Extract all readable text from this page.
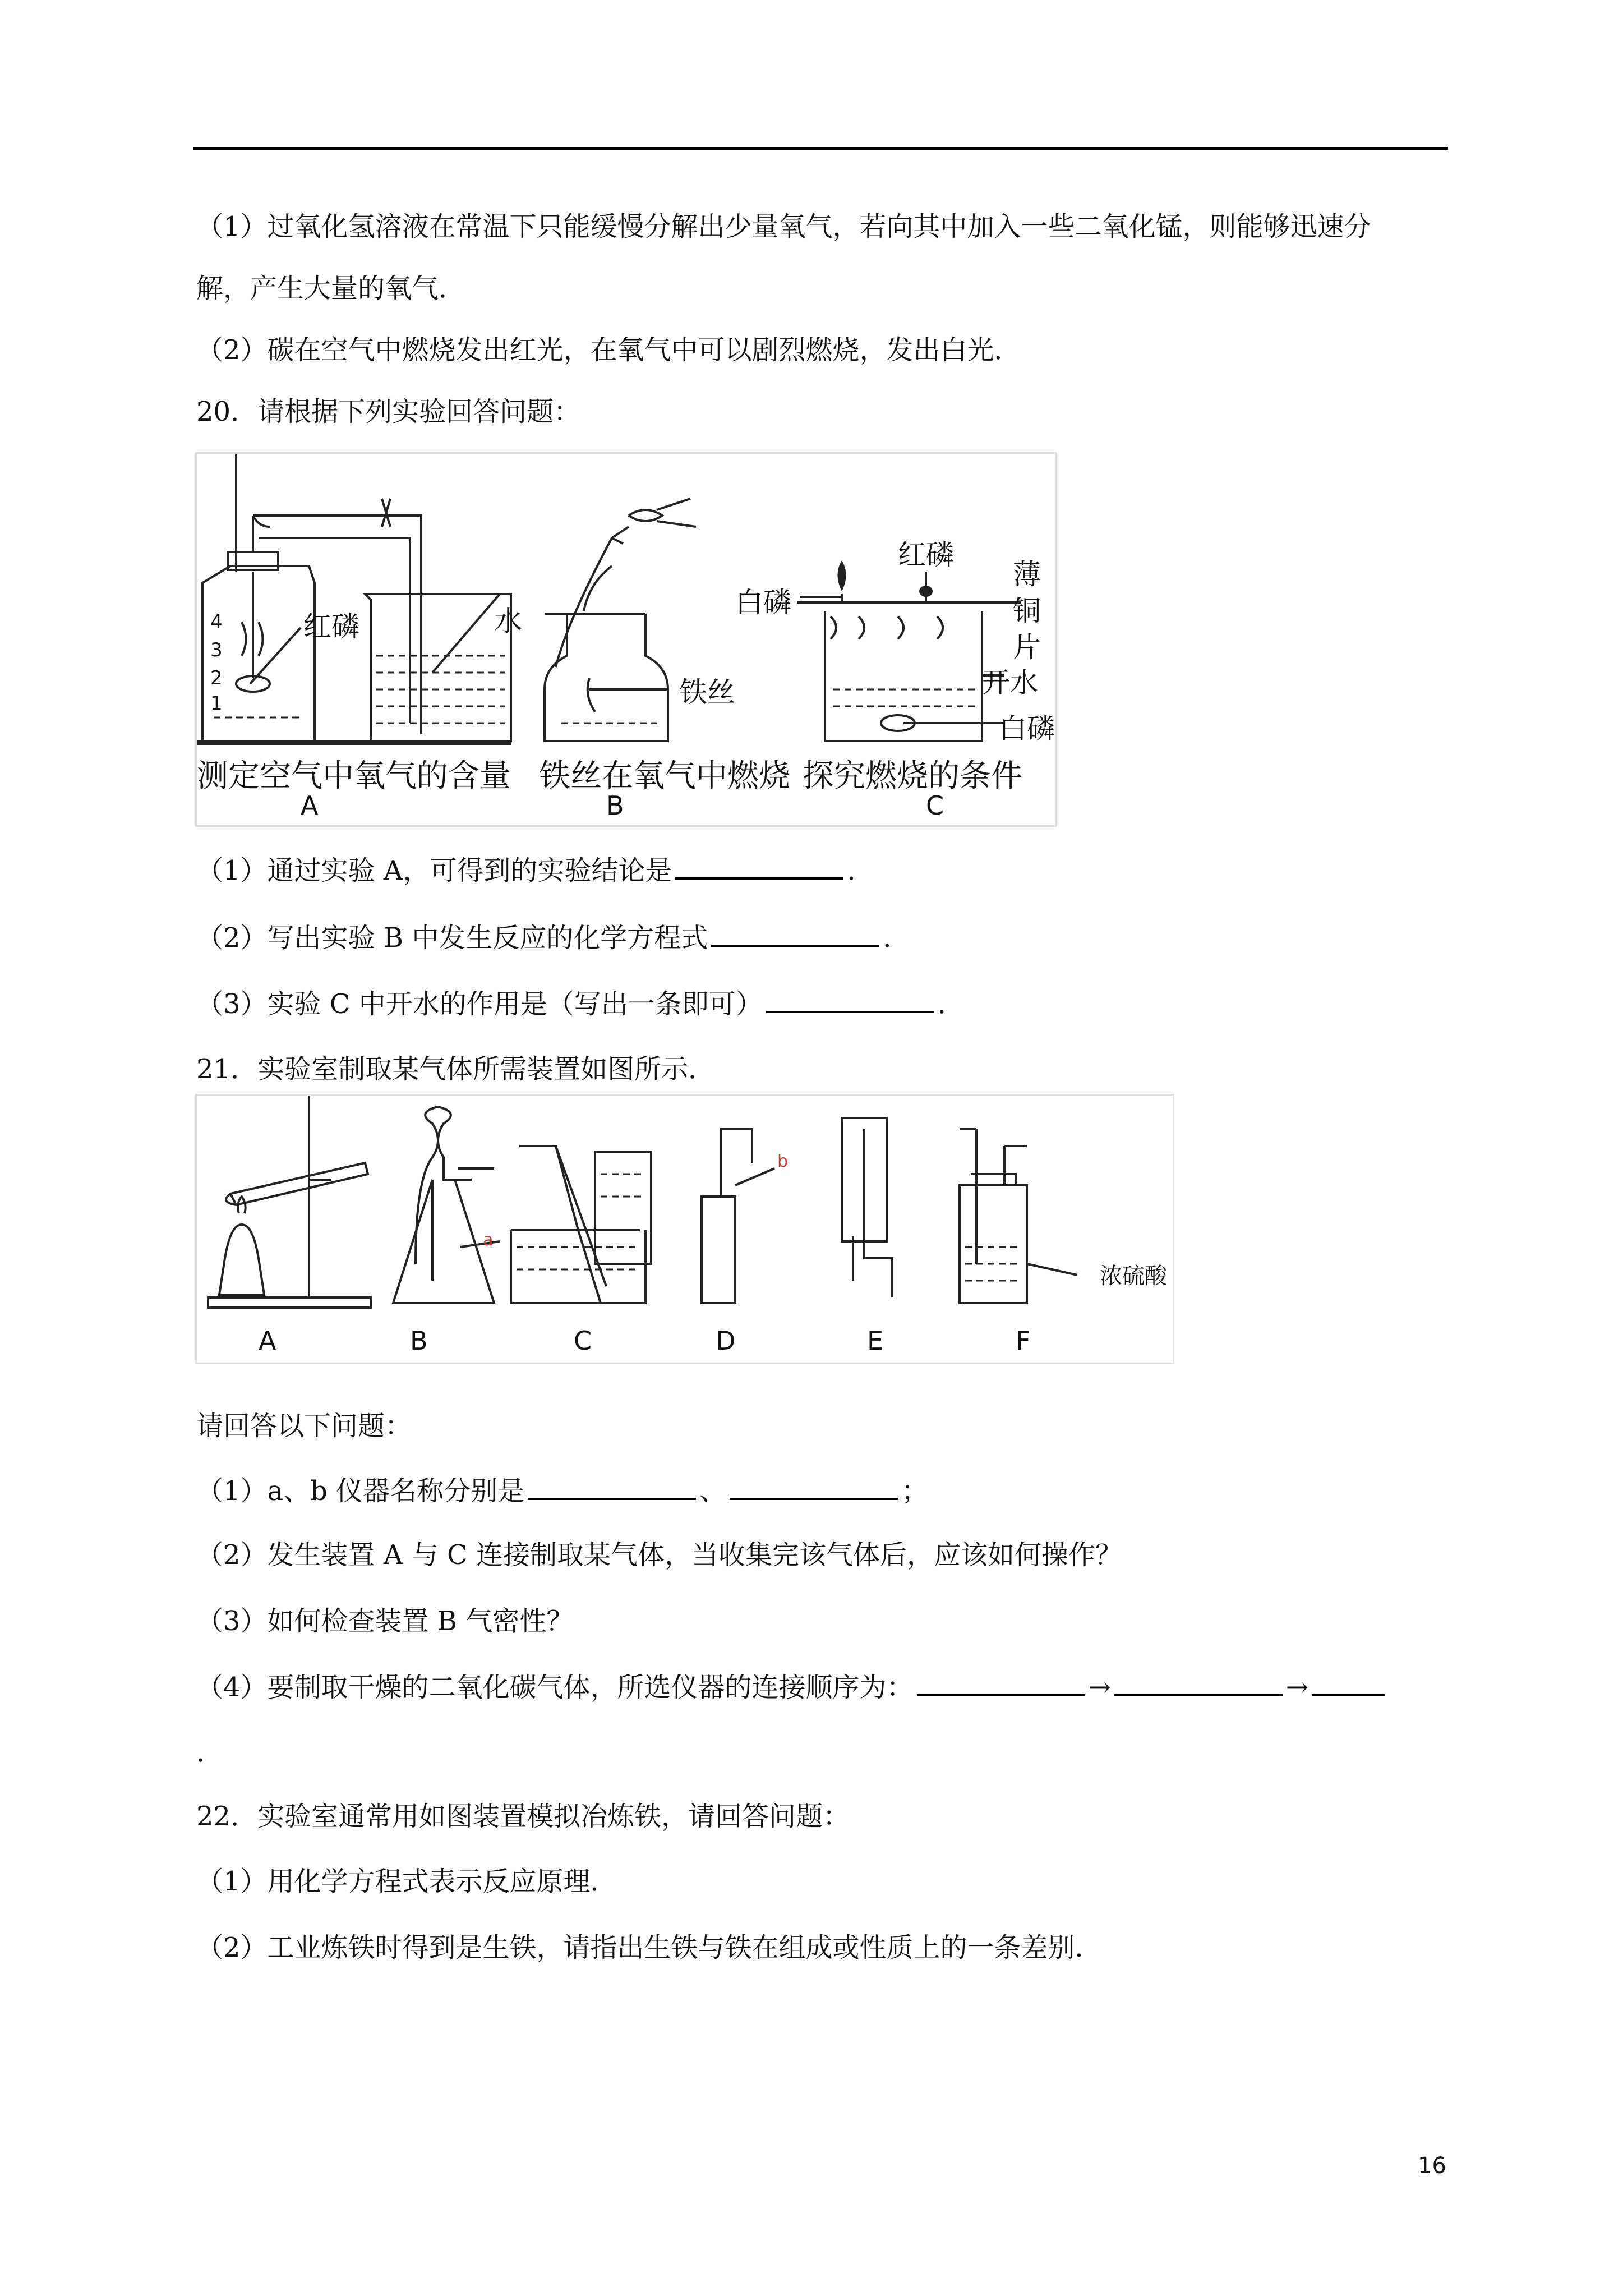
（1）过氧化氢溶液在常温下只能缓慢分解出少量氧气，若向其中加入一些二氧化锰，则能够迅速分
解，产生大量的氧气．
（2）碳在空气中燃烧发出红光，在氧气中可以剧烈燃烧，发出白光．
20．请根据下列实验回答问题：
红磷	水
4
3
2
1	铁丝
红磷
白磷
薄
铜
片
开水
白磷
测定空气中氧气的含量 铁丝在氧气中燃烧 探究燃烧的条件
A	B	C
（1）通过实验 A，可得到的实验结论是	．
（2）写出实验 B 中发生反应的化学方程式	．
（3）实验 C 中开水的作用是（写出一条即可）	．
21．实验室制取某气体所需装置如图所示．
a
b
浓硫酸
A	B	C	D	E	F
请回答以下问题：
（1）a、b 仪器名称分别是	、	；
（2）发生装置 A 与 C 连接制取某气体，当收集完该气体后，应该如何操作？
（3）如何检查装置 B 气密性？
（4）要制取干燥的二氧化碳气体，所选仪器的连接顺序为：	→	→
．
22．实验室通常用如图装置模拟冶炼铁，请回答问题：
（1）用化学方程式表示反应原理．
（2）工业炼铁时得到是生铁，请指出生铁与铁在组成或性质上的一条差别．
16
